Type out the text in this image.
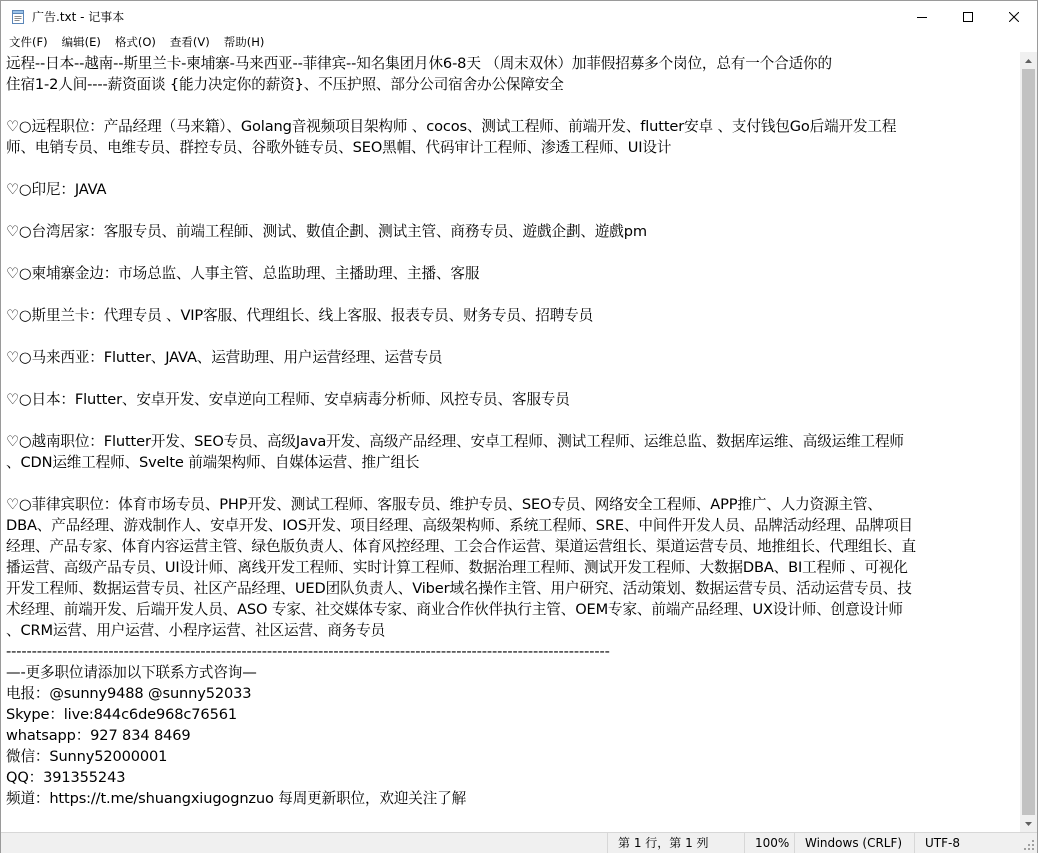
广告.txt - 记事本
文件(F)	编辑(E)	格式(O)	查看(V)	帮助(H)
远程--日本--越南--斯里兰卡-柬埔寨-马来西亚--菲律宾--知名集团月休6-8天 （周末双休）加菲假招募多个岗位，总有一个合适你的
住宿1-2人间----薪资面谈 {能力决定你的薪资}、不压护照、部分公司宿舍办公保障安全
♡○远程职位：产品经理（马来籍）、Golang音视频项目架构师 、cocos、测试工程师、前端开发、flutter安卓 、支付钱包Go后端开发工程
师、电销专员、电维专员、群控专员、谷歌外链专员、SEO黑帽、代码审计工程师、渗透工程师、UI设计
♡○印尼：JAVA
♡○台湾居家：客服专员、前端工程師、测试、數值企劃、测试主管、商務专员、遊戲企劃、遊戲pm
♡○柬埔寨金边：市场总监、人事主管、总监助理、主播助理、主播、客服
♡○斯里兰卡：代理专员 、VIP客服、代理组长、线上客服、报表专员、财务专员、招聘专员
♡○马来西亚：Flutter、JAVA、运营助理、用户运营经理、运营专员
♡○日本：Flutter、安卓开发、安卓逆向工程师、安卓病毒分析师、风控专员、客服专员
♡○越南职位：Flutter开发、SEO专员、高级Java开发、高级产品经理、安卓工程师、测试工程师、运维总监、数据库运维、高级运维工程师
、CDN运维工程师、Svelte 前端架构师、自媒体运营、推广组长
♡○菲律宾职位：体育市场专员、PHP开发、测试工程师、客服专员、维护专员、SEO专员、网络安全工程师、APP推广、人力资源主管、
DBA、产品经理、游戏制作人、安卓开发、IOS开发、项目经理、高级架构师、系统工程师、SRE、中间件开发人员、品牌活动经理、品牌项目
经理、产品专家、体育内容运营主管、绿色版负责人、体育风控经理、工会合作运营、渠道运营组长、渠道运营专员、地推组长、代理组长、直
播运营、高级产品专员、UI设计师、离线开发工程师、实时计算工程师、数据治理工程师、测试开发工程师、大数据DBA、BI工程师 、可视化
开发工程师、数据运营专员、社区产品经理、UED团队负责人、Viber域名操作主管、用户研究、活动策划、数据运营专员、活动运营专员、技
术经理、前端开发、后端开发人员、ASO 专家、社交媒体专家、商业合作伙伴执行主管、OEM专家、前端产品经理、UX设计师、创意设计师
、CRM运营、用户运营、小程序运营、社区运营、商务专员
----------------------------------------------------------------------------------------------------------------------
—-更多职位请添加以下联系方式咨询—
电报：@sunny9488 @sunny52033
Skype：live:844c6de968c76561
whatsapp：927 834 8469
微信：Sunny52000001
QQ：391355243
频道：https://t.me/shuangxiugognzuo 每周更新职位，欢迎关注了解
第 1 行，第 1 列	100%	Windows (CRLF)	UTF-8
